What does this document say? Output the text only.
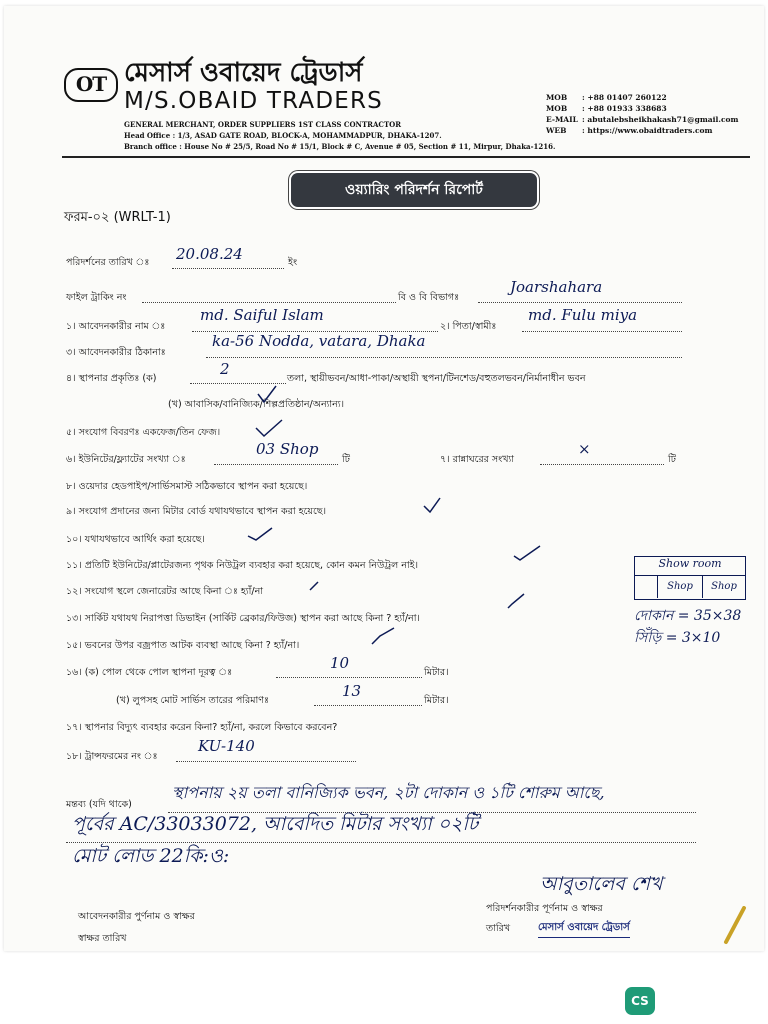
OT মেসার্স ওবায়েদ ট্রেডার্স
M/S.OBAID TRADERS
GENERAL MERCHANT, ORDER SUPPLIERS 1ST CLASS CONTRACTOR
Head Office : 1/3, ASAD GATE ROAD, BLOCK-A, MOHAMMADPUR, DHAKA-1207.
Branch office : House No # 25/5, Road No # 15/1, Block # C, Avenue # 05, Section # 11, Mirpur, Dhaka-1216.
MOB : +88 01407 260122
MOB : +88 01933 338683
E-MAIL : abutalebsheikhakash71@gmail.com
WEB : https://www.obaidtraders.com
ওয়্যারিং পরিদর্শন রিপোর্ট
ফরম-০২ (WRLT-1)
পরিদর্শনের তারিখ ঃ 20.08.24	ইং
ফাইল ট্রাকিং নং	বি ও বি বিভাগঃ
Joarshahara
১। আবেদনকারীর নাম ঃ
md. Saiful Islam
২। পিতা/স্বামীঃ
md. Fulu miya
৩। আবেদনকারীর ঠিকানাঃ
ka-56 Nodda, vatara, Dhaka
৪। স্থাপনার প্রকৃতিঃ (ক)
2
তলা, স্থায়ীভবন/আধা-পাকা/অস্থায়ী স্থপনা/টিনশেড/বহুতলভবন/নির্মানাধীন ভবন
(খ) আবাসিক/বানিজ্যিক/শিল্পপ্রতিষ্ঠান/অন্যান্য।
৫। সংযোগ বিবরণঃ একফেজ/তিন ফেজ।
৬। ইউনিটের/ফ্ল্যাটের সংখ্যা ঃ
03 Shop
টি	৭। রান্নাঘরের সংখ্যা
×
টি
৮। ওয়েদার হেডপাইপ/সার্ভিসমাস্ট সঠিকভাবে স্থাপন করা হয়েছে।
৯। সংযোগ প্রদানের জন্য মিটার বোর্ড যথাযথভাবে স্থাপন করা হয়েছে।
১০। যথাযথভাবে আর্থিং করা হয়েছে।
১১। প্রতিটি ইউনিটের/প্লাটেরজন্য পৃথক নিউট্রল ব্যবহার করা হয়েছে, কোন কমন নিউট্রল নাই।
১২। সংযোগ স্থলে জেনারেটর আছে কিনা ঃ হ্যাঁ/না
১৩। সার্কিট যথাযথ নিরাপত্তা ডিভাইন (সার্কিট ব্রেকার/ফিউজ) স্থাপন করা আছে কিনা ? হ্যাঁ/না।
১৫। ভবনের উপর বজ্রপাত আটক ব্যবস্থা আছে কিনা ? হ্যাঁ/না।
১৬। (ক) পোল থেকে পোল স্থাপনা দূরত্ব ঃ
10
মিটার।
(খ) লুপসহ মোট সার্ভিস তারের পরিমাণঃ
13
মিটার।
১৭। স্থাপনার বিদ্যুৎ ব্যবহার করেন কিনা? হ্যাঁ/না, করলে কিভাবে করবেন?
১৮। ট্রান্সফরমের নং ঃ
KU-140
Show room
Shop	Shop
দোকান = 35×38
সিঁড়ি = 3×10
মন্তব্য (যদি থাকে)
স্থাপনায় ২য় তলা বানিজ্যিক ভবন, ২টা দোকান ও ১টি শোরুম আছে,
পূর্বের AC/33033072, আবেদিত মিটার সংখ্যা ০২টি
মোট লোড 22কি:ও:
আবেদনকারীর পুর্ণনাম ও স্বাক্ষর
স্বাক্ষর তারিখ
আবুতালেব শেখ
পরিদর্শনকারীর পূর্ণনাম ও স্বাক্ষর
তারিখ	মেসার্স ওবায়েদ ট্রেডার্স
CS
